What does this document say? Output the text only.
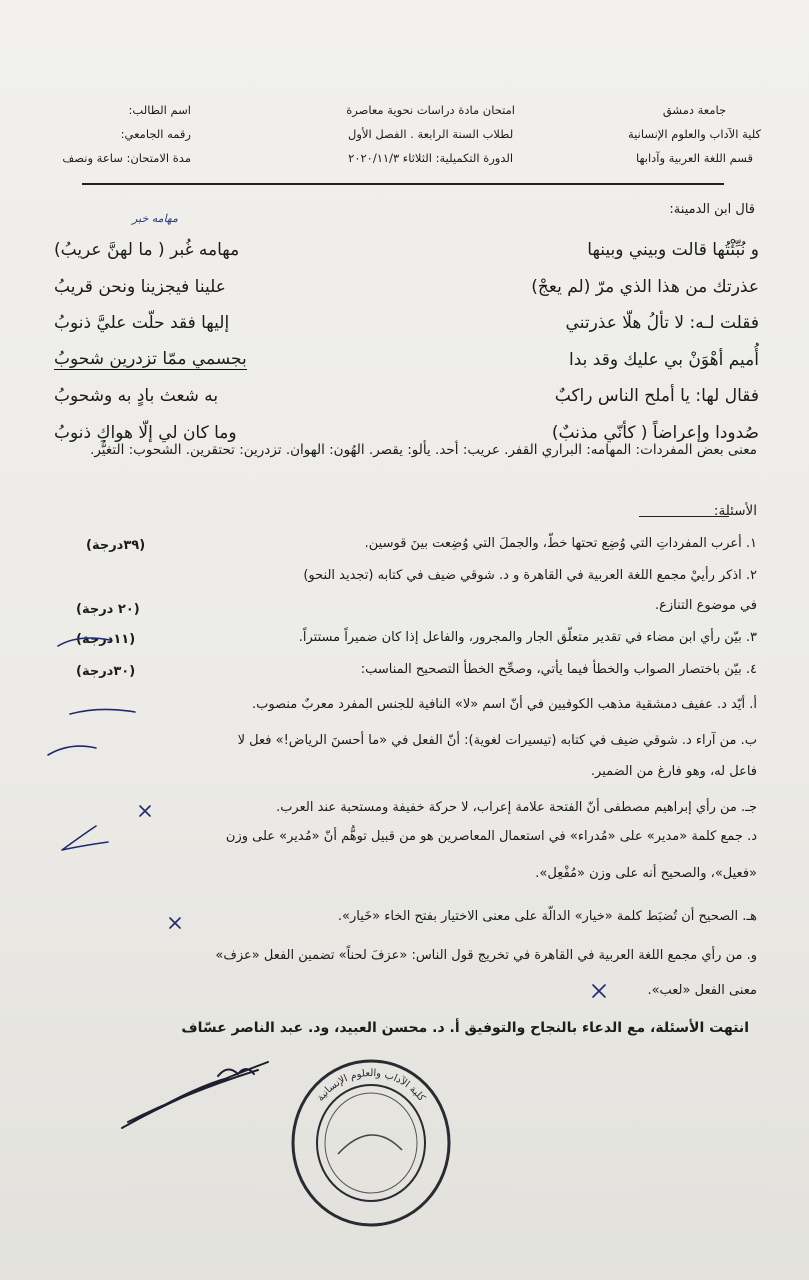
جامعة دمشق
كلية الآداب والعلوم الإنسانية
قسم اللغة العربية وآدابها
امتحان مادة دراسات نحوية معاصرة
لطلاب السنة الرابعة . الفصل الأول
الدورة التكميلية: الثلاثاء ٢٠٢٠/١١/٣
اسم الطالب:
رقمه الجامعي:
مدة الامتحان: ساعة ونصف
قال ابن الدمينة:
مهامه خبر
و نُبِّئْتُها قالت وبيني وبينها
مهامه غُبر ( ما لهنَّ عريبُ)
عذرتك من هذا الذي مرّ (لم يعجْ)
علينا فيجزينا ونحن قريبُ
فقلت لـه: لا تألُ هلّا عذرتني
إليها فقد حلّت عليَّ ذنوبُ
أُميم أهْوَنْ بي عليك وقد بدا
بجسمي ممّا تزدرين شحوبُ
فقال لها: يا أملح الناس راكبٌ
به شعث بادٍ به وشحوبُ
صُدودا وإعراضاً ( كأنّي مذنبٌ)
وما كان لي إلّا هواكِ ذنوبُ
معنى بعض المفردات: المهامه: البراري القفر. عريب: أحد. يألو: يقصر. الهُون: الهوان. تزدرين: تحتقرين. الشحوب: التغيُّر.
الأسئلة:
١. أعرب المفرداتِ التي وُضِع تحتها خطّ، والجملَ التي وُضِعت بينَ قوسين.
(٣٩درجة)
٢. اذكر رأييْ مجمع اللغة العربية في القاهرة و د. شوقي ضيف في كتابه (تجديد النحو)
في موضوع التنازع.
(٢٠ درجة)
٣. بيّن رأي ابن مضاء في تقدير متعلّق الجار والمجرور، والفاعل إذا كان ضميراً مستتراً.
(١١درجة)
٤. بيّن باختصار الصواب والخطأ فيما يأتي، وصحِّح الخطأ التصحيح المناسب:
(٣٠درجة)
أ. أيّد د. عفيف دمشقية مذهب الكوفيين في أنّ اسم «لا» النافية للجنس المفرد معربٌ منصوب.
ب. من آراء د. شوقي ضيف في كتابه (تيسيرات لغوية): أنّ الفعل في «ما أحسنَ الرياض!» فعل لا
فاعل له، وهو فارغ من الضمير.
جـ. من رأي إبراهيم مصطفى أنّ الفتحة علامة إعراب، لا حركة خفيفة ومستحبة عند العرب.
د. جمع كلمة «مدير» على «مُدراء» في استعمال المعاصرين هو من قبيل توهُّم أنّ «مُدير» على وزن
«فعيل»، والصحيح أنه على وزن «مُفْعِل».
هـ. الصحيح أن تُضبَط كلمة «خيار» الدالّة على معنى الاختيار بفتح الخاء «خَيار».
و. من رأي مجمع اللغة العربية في القاهرة في تخريج قول الناس: «عزفَ لحناً» تضمين الفعل «عزف»
معنى الفعل «لعب».
انتهت الأسئلة، مع الدعاء بالنجاح والتوفيق أ. د. محسن العبيد، ود. عبد الناصر عسّاف
كلية الآداب والعلوم الإنسانية
